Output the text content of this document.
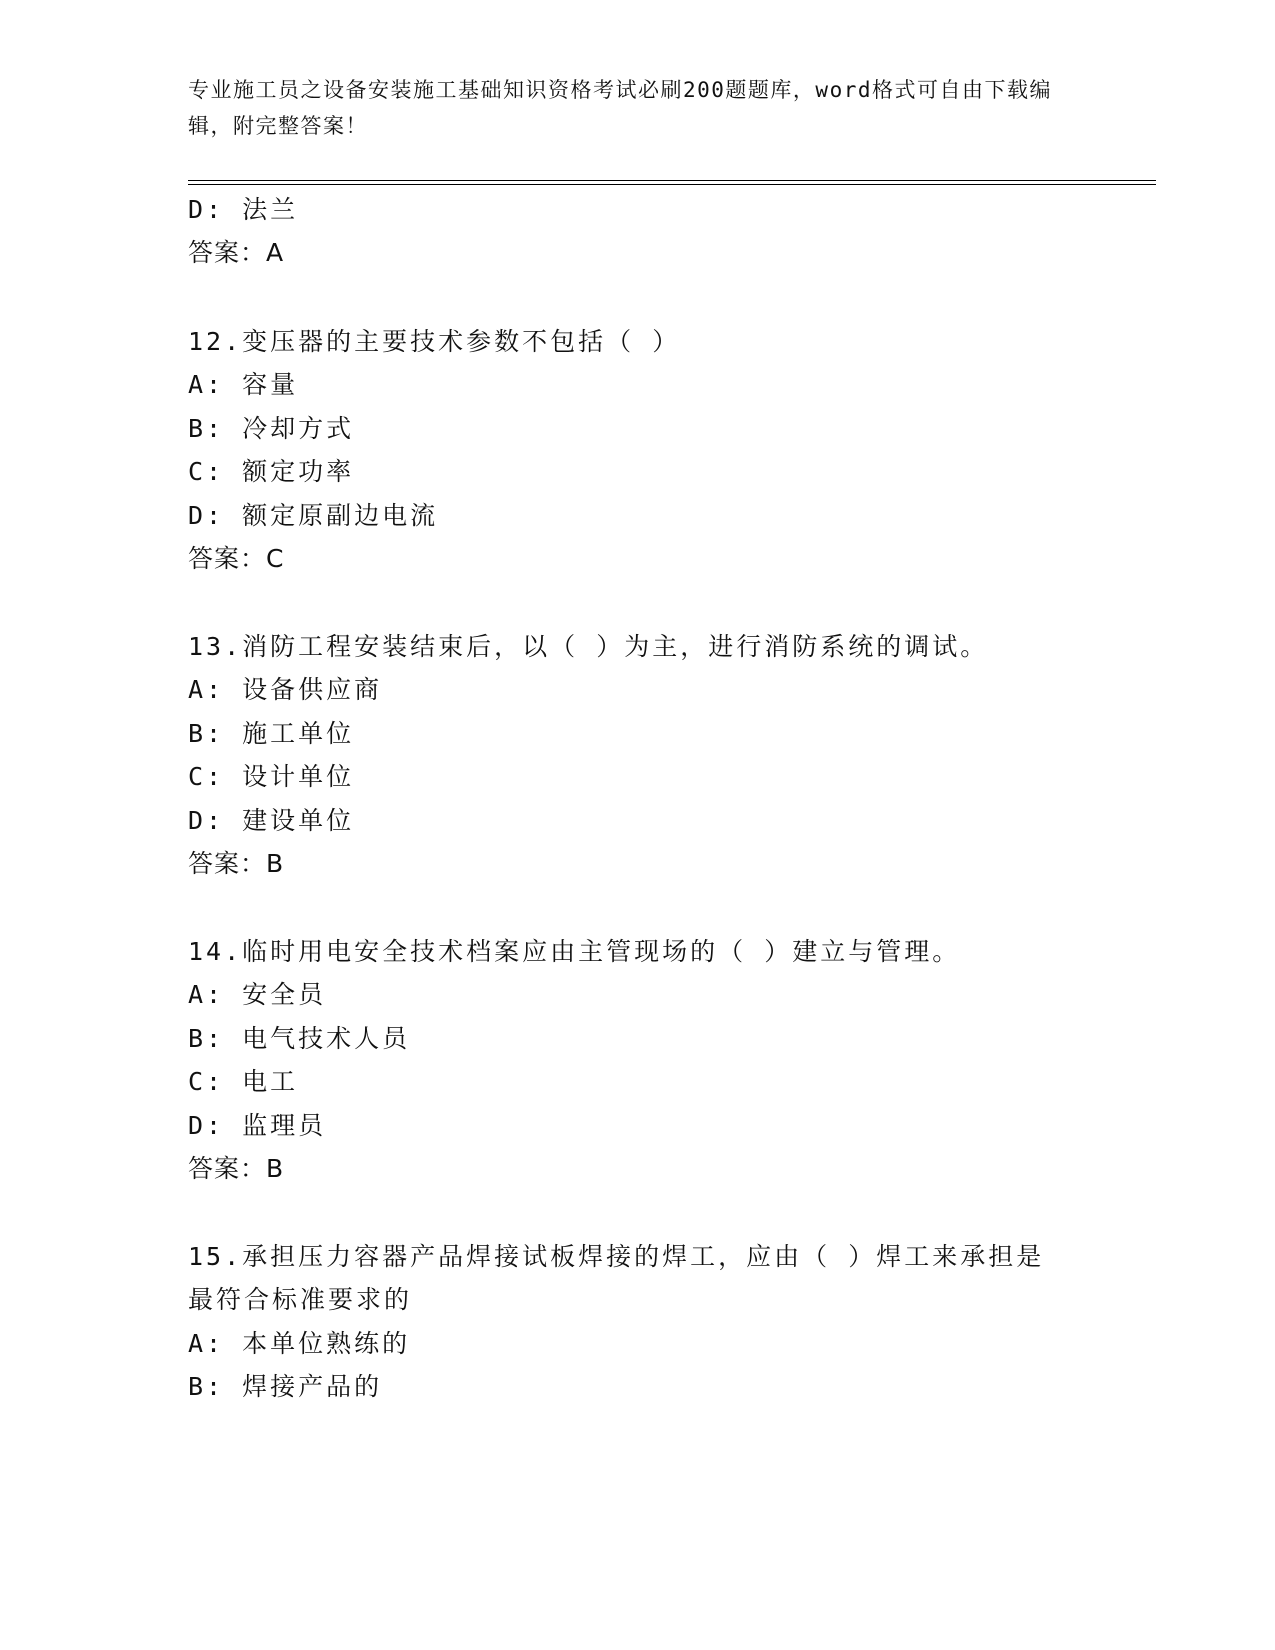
专业施工员之设备安装施工基础知识资格考试必刷200题题库，word格式可自由下载编辑，附完整答案！
D: 法兰
答案：A
12.变压器的主要技术参数不包括（ ）
A: 容量
B: 冷却方式
C: 额定功率
D: 额定原副边电流
答案：C
13.消防工程安装结束后，以（ ）为主，进行消防系统的调试。
A: 设备供应商
B: 施工单位
C: 设计单位
D: 建设单位
答案：B
14.临时用电安全技术档案应由主管现场的（ ）建立与管理。
A: 安全员
B: 电气技术人员
C: 电工
D: 监理员
答案：B
15.承担压力容器产品焊接试板焊接的焊工，应由（ ）焊工来承担是
最符合标准要求的
A: 本单位熟练的
B: 焊接产品的
